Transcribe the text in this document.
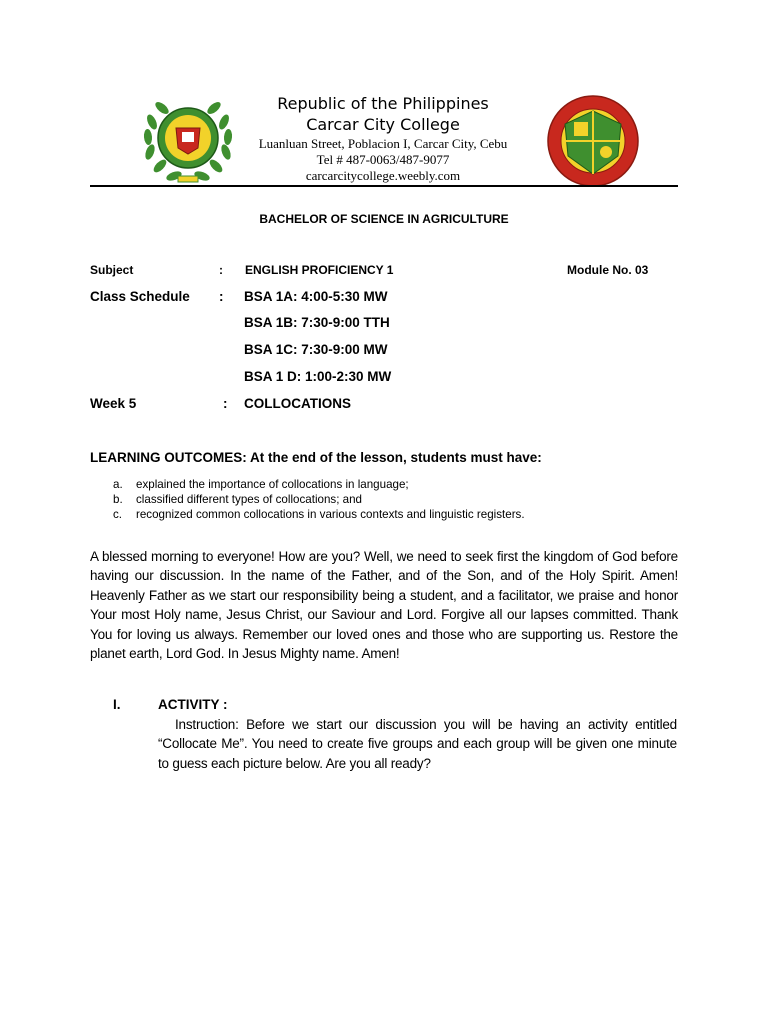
Republic of the Philippines
Carcar City College
Luanluan Street, Poblacion I, Carcar City, Cebu
Tel # 487-0063/487-9077
carcarcitycollege.weebly.com
BACHELOR OF SCIENCE IN AGRICULTURE
Subject	: ENGLISH PROFICIENCY 1	Module No. 03
Class Schedule : BSA 1A: 4:00-5:30 MW
BSA 1B: 7:30-9:00 TTH
BSA 1C: 7:30-9:00 MW
BSA 1 D: 1:00-2:30 MW
Week 5	: COLLOCATIONS
LEARNING OUTCOMES: At the end of the lesson, students must have:
a. explained the importance of collocations in language;
b. classified different types of collocations; and
c. recognized common collocations in various contexts and linguistic registers.
A blessed morning to everyone! How are you? Well, we need to seek first the kingdom of God before having our discussion. In the name of the Father, and of the Son, and of the Holy Spirit. Amen! Heavenly Father as we start our responsibility being a student, and a facilitator, we praise and honor Your most Holy name, Jesus Christ, our Saviour and Lord. Forgive all our lapses committed. Thank You for loving us always. Remember our loved ones and those who are supporting us. Restore the planet earth, Lord God. In Jesus Mighty name. Amen!
I.	ACTIVITY :
Instruction: Before we start our discussion you will be having an activity entitled “Collocate Me”. You need to create five groups and each group will be given one minute to guess each picture below. Are you all ready?
